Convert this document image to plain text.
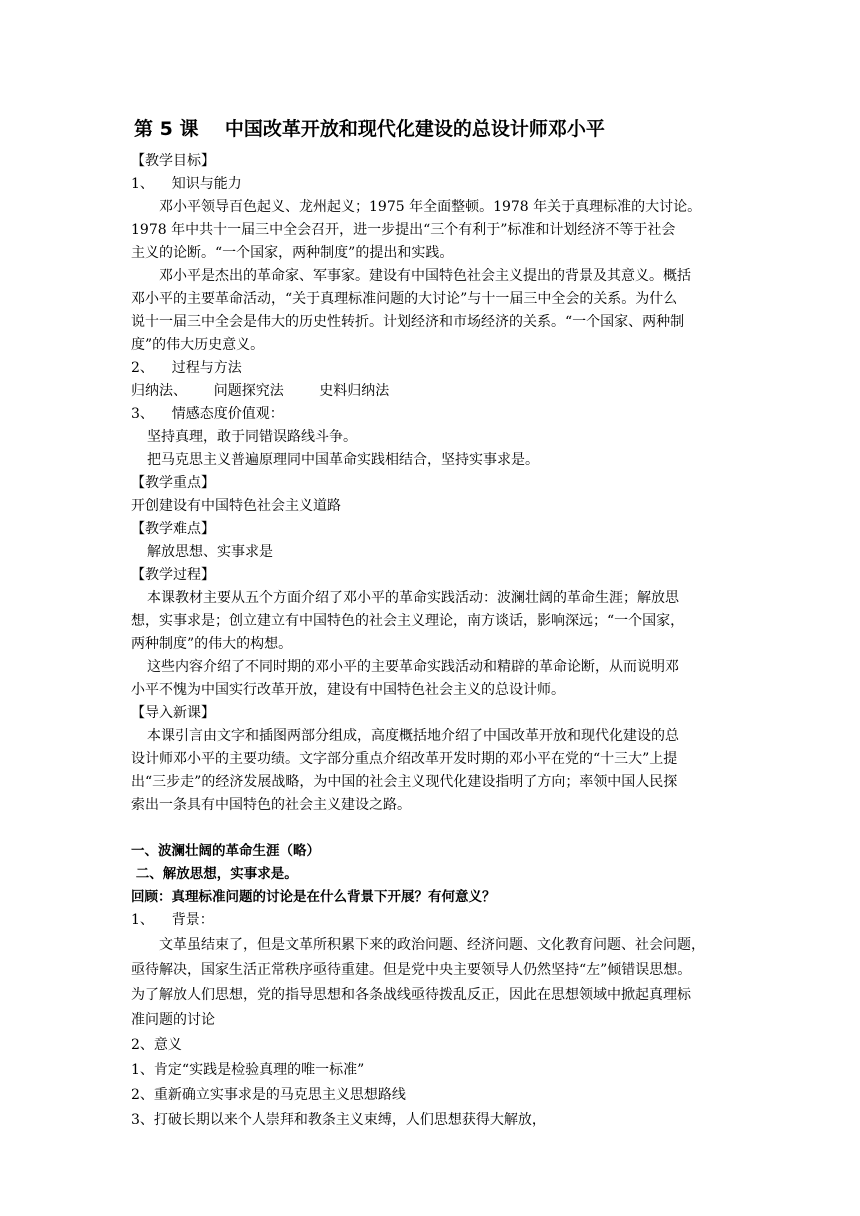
第 5 课    中国改革开放和现代化建设的总设计师邓小平
【教学目标】
1、    知识与能力
邓小平领导百色起义、龙州起义；1975 年全面整顿。1978 年关于真理标准的大讨论。
1978 年中共十一届三中全会召开，进一步提出“三个有利于”标准和计划经济不等于社会
主义的论断。“一个国家，两种制度”的提出和实践。
邓小平是杰出的革命家、军事家。建设有中国特色社会主义提出的背景及其意义。概括
邓小平的主要革命活动，“关于真理标准问题的大讨论”与十一届三中全会的关系。为什么
说十一届三中全会是伟大的历史性转折。计划经济和市场经济的关系。“一个国家、两种制
度”的伟大历史意义。
2、    过程与方法
归纳法、      问题探究法        史料归纳法
3、    情感态度价值观：
坚持真理，敢于同错误路线斗争。
把马克思主义普遍原理同中国革命实践相结合，坚持实事求是。
【教学重点】
开创建设有中国特色社会主义道路
【教学难点】
解放思想、实事求是
【教学过程】
本课教材主要从五个方面介绍了邓小平的革命实践活动：波澜壮阔的革命生涯；解放思
想，实事求是；创立建立有中国特色的社会主义理论，南方谈话，影响深远；“一个国家，
两种制度”的伟大的构想。
这些内容介绍了不同时期的邓小平的主要革命实践活动和精辟的革命论断，从而说明邓
小平不愧为中国实行改革开放，建设有中国特色社会主义的总设计师。
【导入新课】
本课引言由文字和插图两部分组成，高度概括地介绍了中国改革开放和现代化建设的总
设计师邓小平的主要功绩。文字部分重点介绍改革开发时期的邓小平在党的“十三大”上提
出“三步走”的经济发展战略，为中国的社会主义现代化建设指明了方向；率领中国人民探
索出一条具有中国特色的社会主义建设之路。
一、波澜壮阔的革命生涯（略）
二、解放思想，实事求是。
回顾：真理标准问题的讨论是在什么背景下开展？有何意义？
1、    背景：
文革虽结束了，但是文革所积累下来的政治问题、经济问题、文化教育问题、社会问题，
亟待解决，国家生活正常秩序亟待重建。但是党中央主要领导人仍然坚持“左”倾错误思想。
为了解放人们思想，党的指导思想和各条战线亟待拨乱反正，因此在思想领域中掀起真理标
准问题的讨论
2、意义
1、肯定“实践是检验真理的唯一标准”
2、重新确立实事求是的马克思主义思想路线
3、打破长期以来个人崇拜和教条主义束缚，人们思想获得大解放，
